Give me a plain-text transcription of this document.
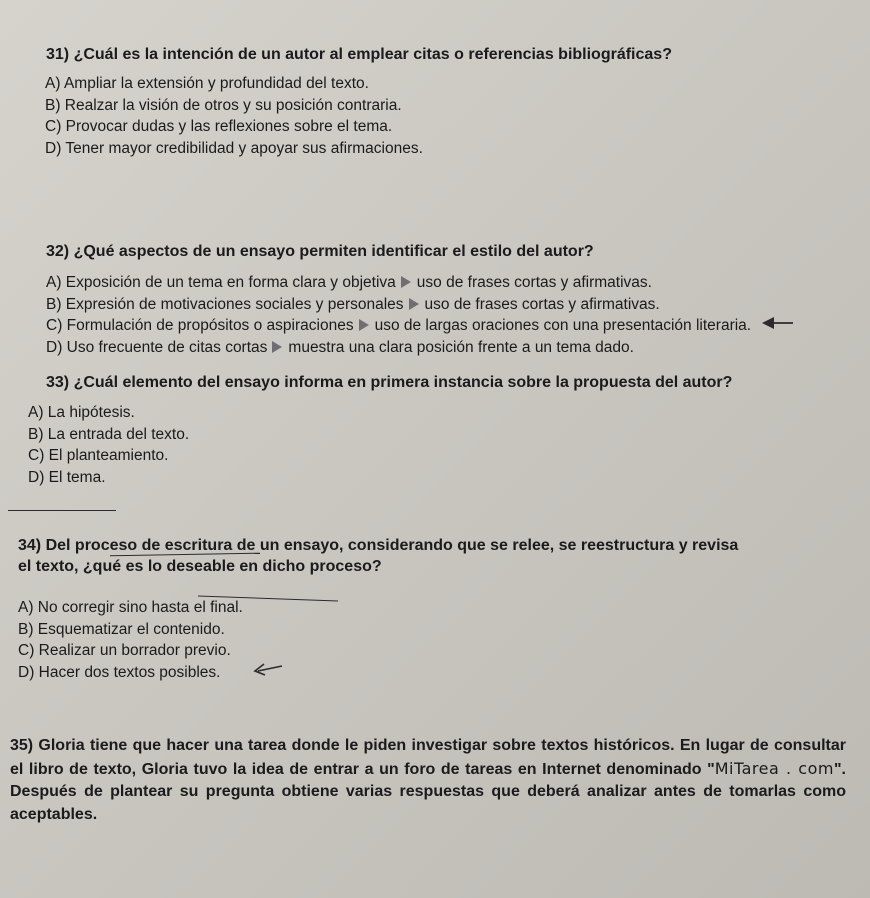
31) ¿Cuál es la intención de un autor al emplear citas o referencias bibliográficas?

A) Ampliar la extensión y profundidad del texto.
B) Realzar la visión de otros y su posición contraria.
C) Provocar dudas y las reflexiones sobre el tema.
D) Tener mayor credibilidad y apoyar sus afirmaciones.

32) ¿Qué aspectos de un ensayo permiten identificar el estilo del autor?

A) Exposición de un tema en forma clara y objetiva uso de frases cortas y afirmativas.
B) Expresión de motivaciones sociales y personales uso de frases cortas y afirmativas.
C) Formulación de propósitos o aspiraciones uso de largas oraciones con una presentación literaria.
D) Uso frecuente de citas cortas muestra una clara posición frente a un tema dado.

33) ¿Cuál elemento del ensayo informa en primera instancia sobre la propuesta del autor?

A) La hipótesis.
B) La entrada del texto.
C) El planteamiento.
D) El tema.

34) Del proceso de escritura de un ensayo, considerando que se relee, se reestructura y revisa

el texto, ¿qué es lo deseable en dicho proceso?

A) No corregir sino hasta el final.
B) Esquematizar el contenido.
C) Realizar un borrador previo.
D) Hacer dos textos posibles.

35) Gloria tiene que hacer una tarea donde le piden investigar sobre textos históricos. En lugar de consultar el libro de texto, Gloria tuvo la idea de entrar a un foro de tareas en Internet denominado "MiTarea . com". Después de plantear su pregunta obtiene varias respuestas que deberá analizar antes de tomarlas como aceptables.
